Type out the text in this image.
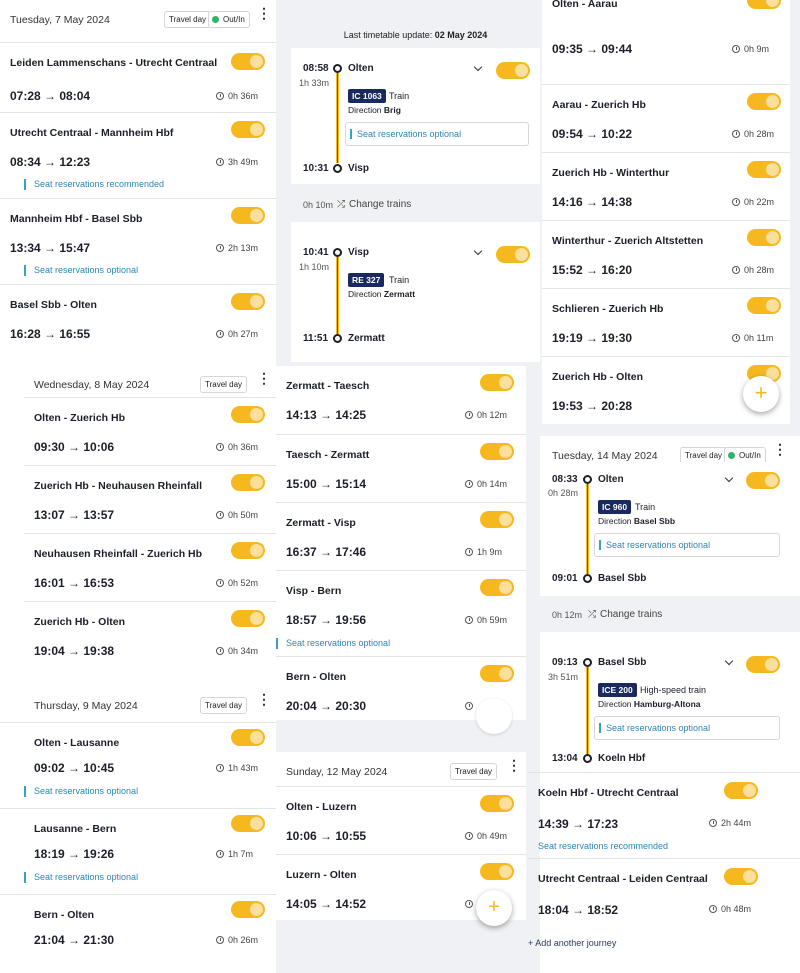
Tuesday, 7 May 2024	Travel day	Out/In ⋮
Leiden Lammenschans - Utrecht Centraal
07:28 → 08:04	0h 36m
Utrecht Centraal - Mannheim Hbf
08:34 → 12:23	3h 49m
Seat reservations recommended
Mannheim Hbf - Basel Sbb
13:34 → 15:47	2h 13m
Seat reservations optional
Basel Sbb - Olten
16:28 → 16:55	0h 27m
Wednesday, 8 May 2024	Travel day	⋮
Olten - Zuerich Hb
09:30 → 10:06	0h 36m
Zuerich Hb - Neuhausen Rheinfall
13:07 → 13:57	0h 50m
Neuhausen Rheinfall - Zuerich Hb
16:01 → 16:53	0h 52m
Zuerich Hb - Olten
19:04 → 19:38	0h 34m
Thursday, 9 May 2024	Travel day	⋮
Olten - Lausanne
09:02 → 10:45	1h 43m
Seat reservations optional
Lausanne - Bern
18:19 → 19:26	1h 7m
Seat reservations optional
Bern - Olten
21:04 → 21:30	0h 26m
Last timetable update: 02 May 2024
08:58 Olten
1h 33m
IC 1063 Train
Direction Brig
Seat reservations optional
10:31 Visp
0h 10m ⤮ Change trains
10:41 Visp
1h 10m
RE 327 Train
Direction Zermatt
11:51 Zermatt
Zermatt - Taesch
14:13 → 14:25	0h 12m
Taesch - Zermatt
15:00 → 15:14	0h 14m
Zermatt - Visp
16:37 → 17:46	1h 9m
Visp - Bern
18:57 → 19:56	0h 59m
Seat reservations optional
Bern - Olten
20:04 → 20:30
Sunday, 12 May 2024	Travel day	⋮
Olten - Luzern
10:06 → 10:55	0h 49m
Luzern - Olten
14:05 → 14:52	+
Olten - Aarau
09:35 → 09:44	0h 9m
Aarau - Zuerich Hb
09:54 → 10:22	0h 28m
Zuerich Hb - Winterthur
14:16 → 14:38	0h 22m
Winterthur - Zuerich Altstetten
15:52 → 16:20	0h 28m
Schlieren - Zuerich Hb
19:19 → 19:30	0h 11m
Zuerich Hb - Olten
19:53 → 20:28
+
Tuesday, 14 May 2024	Travel day	Out/In ⋮
08:33 Olten
0h 28m
IC 960 Train
Direction Basel Sbb
Seat reservations optional
09:01 Basel Sbb
0h 12m ⤮ Change trains
09:13 Basel Sbb
3h 51m
ICE 200 High-speed train
Direction Hamburg-Altona
Seat reservations optional
13:04 Koeln Hbf
Koeln Hbf - Utrecht Centraal
14:39 → 17:23	2h 44m
Seat reservations recommended
Utrecht Centraal - Leiden Centraal
18:04 → 18:52	0h 48m
+ Add another journey
